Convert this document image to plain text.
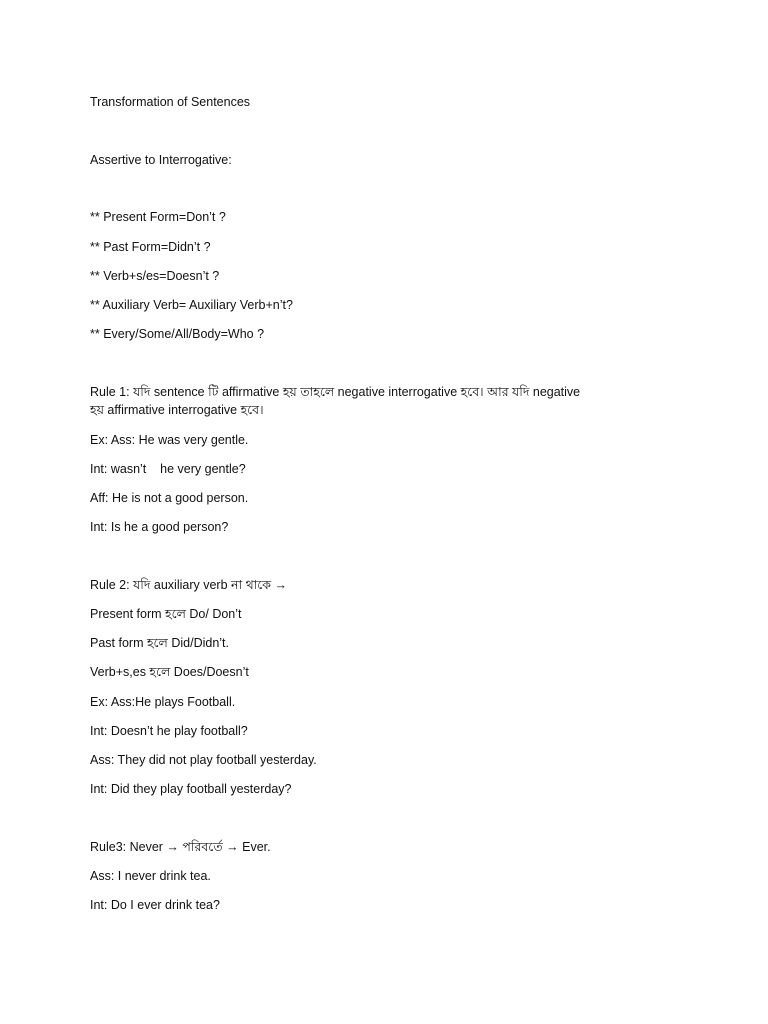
Transformation of Sentences

Assertive to Interrogative:

** Present Form=Don’t ?

** Past Form=Didn’t ?

** Verb+s/es=Doesn’t ?

** Auxiliary Verb= Auxiliary Verb+n’t?

** Every/Some/All/Body=Who ?

Rule 1: যদি sentence টি affirmative হয় তাহলে negative interrogative হবে। আর যদি negative

হয় affirmative interrogative হবে।

Ex: Ass: He was very gentle.

Int: wasn’t    he very gentle?

Aff: He is not a good person.

Int: Is he a good person?

Rule 2: যদি auxiliary verb না থাকে →

Present form হলে Do/ Don’t

Past form হলে Did/Didn’t.

Verb+s,es হলে Does/Doesn’t

Ex: Ass:He plays Football.

Int: Doesn’t he play football?

Ass: They did not play football yesterday.

Int: Did they play football yesterday?

Rule3: Never → পরিবর্তে → Ever.

Ass: I never drink tea.

Int: Do I ever drink tea?
